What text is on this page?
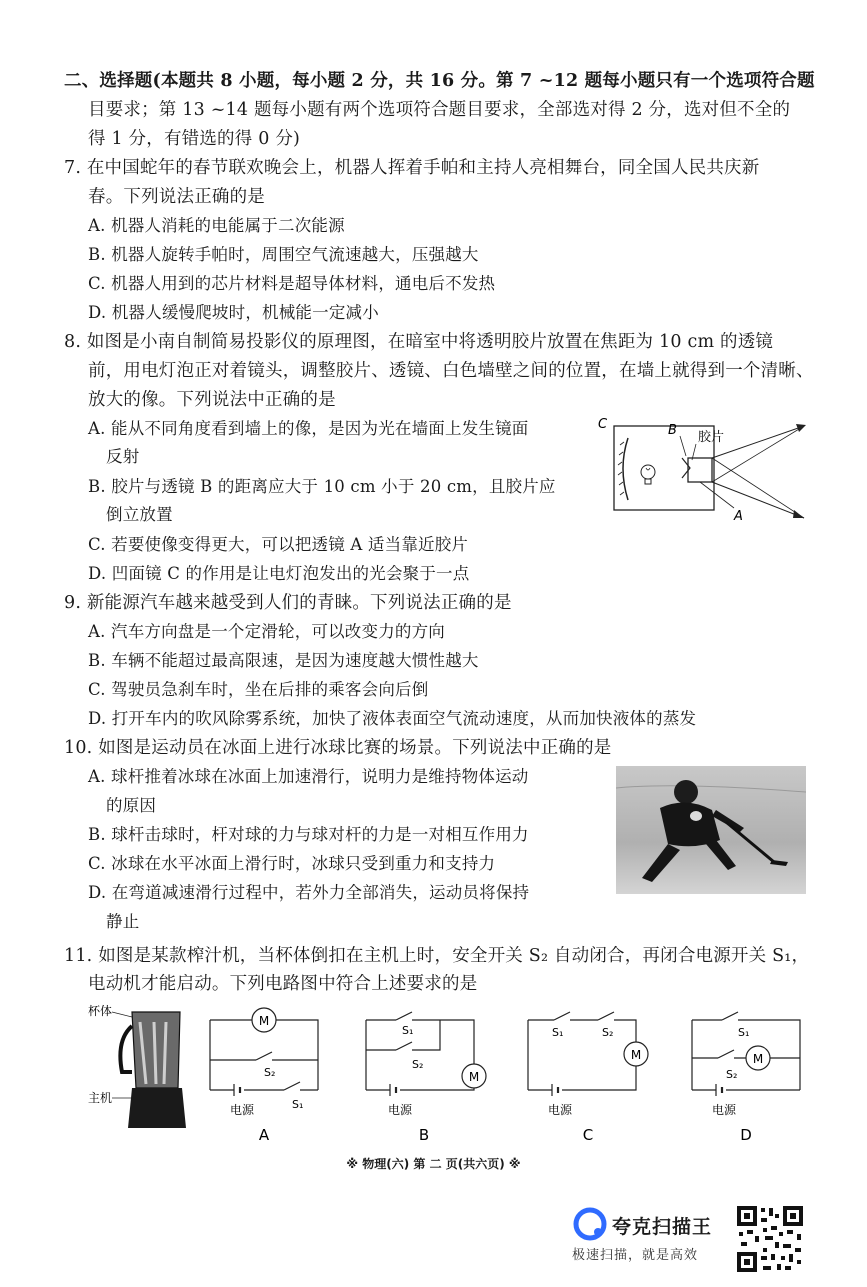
二、选择题(本题共 8 小题，每小题 2 分，共 16 分。第 7 ~12 题每小题只有一个选项符合题
目要求；第 13 ~14 题每小题有两个选项符合题目要求，全部选对得 2 分，选对但不全的
得 1 分，有错选的得 0 分)
7. 在中国蛇年的春节联欢晚会上，机器人挥着手帕和主持人亮相舞台，同全国人民共庆新
春。下列说法正确的是
A. 机器人消耗的电能属于二次能源
B. 机器人旋转手帕时，周围空气流速越大，压强越大
C. 机器人用到的芯片材料是超导体材料，通电后不发热
D. 机器人缓慢爬坡时，机械能一定减小
8. 如图是小南自制简易投影仪的原理图，在暗室中将透明胶片放置在焦距为 10 cm 的透镜
前，用电灯泡正对着镜头，调整胶片、透镜、白色墙壁之间的位置，在墙上就得到一个清晰、
放大的像。下列说法中正确的是
A. 能从不同角度看到墙上的像，是因为光在墙面上发生镜面
反射
B. 胶片与透镜 B 的距离应大于 10 cm 小于 20 cm，且胶片应
倒立放置
C. 若要使像变得更大，可以把透镜 A 适当靠近胶片
D. 凹面镜 C 的作用是让电灯泡发出的光会聚于一点
C	B 胶片
A
9. 新能源汽车越来越受到人们的青睐。下列说法正确的是
A. 汽车方向盘是一个定滑轮，可以改变力的方向
B. 车辆不能超过最高限速，是因为速度越大惯性越大
C. 驾驶员急刹车时，坐在后排的乘客会向后倒
D. 打开车内的吹风除雾系统，加快了液体表面空气流动速度，从而加快液体的蒸发
10. 如图是运动员在冰面上进行冰球比赛的场景。下列说法中正确的是
A. 球杆推着冰球在冰面上加速滑行，说明力是维持物体运动
的原因
B. 球杆击球时，杆对球的力与球对杆的力是一对相互作用力
C. 冰球在水平冰面上滑行时，冰球只受到重力和支持力
D. 在弯道减速滑行过程中，若外力全部消失，运动员将保持
静止
11. 如图是某款榨汁机，当杯体倒扣在主机上时，安全开关 S₂ 自动闭合，再闭合电源开关 S₁，
电动机才能启动。下列电路图中符合上述要求的是
杯体
主机
M
S₂
电源	S₁
A
M
S₁
S₂
电源
B
M
S₁	S₂
电源
C
M
S₁
S₂
电源
D
※ 物理(六) 第 二 页(共六页) ※
夸克扫描王
极速扫描，就是高效
